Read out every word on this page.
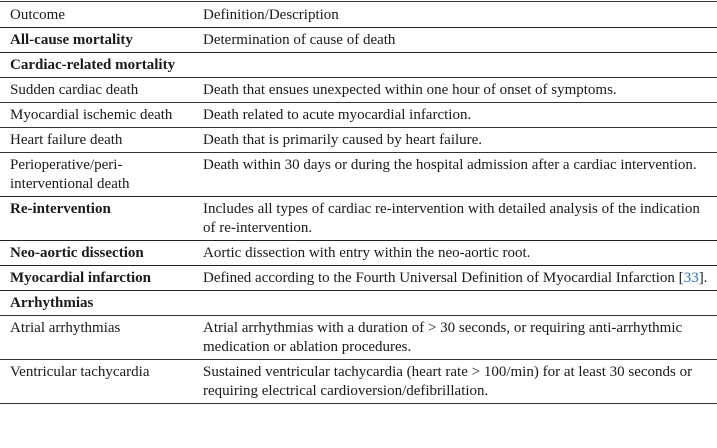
Outcome	Definition/Description
All-cause mortality	Determination of cause of death
Cardiac-related mortality	
Sudden cardiac death	Death that ensues unexpected within one hour of onset of symptoms.
Myocardial ischemic death	Death related to acute myocardial infarction.
Heart failure death	Death that is primarily caused by heart failure.
Perioperative/peri-interventional death	Death within 30 days or during the hospital admission after a cardiac intervention.
Re-intervention	Includes all types of cardiac re-intervention with detailed analysis of the indication of re-intervention.
Neo-aortic dissection	Aortic dissection with entry within the neo-aortic root.
Myocardial infarction	Defined according to the Fourth Universal Definition of Myocardial Infarction [33].
Arrhythmias	
Atrial arrhythmias	Atrial arrhythmias with a duration of > 30 seconds, or requiring anti-arrhythmic medication or ablation procedures.
Ventricular tachycardia	Sustained ventricular tachycardia (heart rate > 100/min) for at least 30 seconds or requiring electrical cardioversion/defibrillation.
